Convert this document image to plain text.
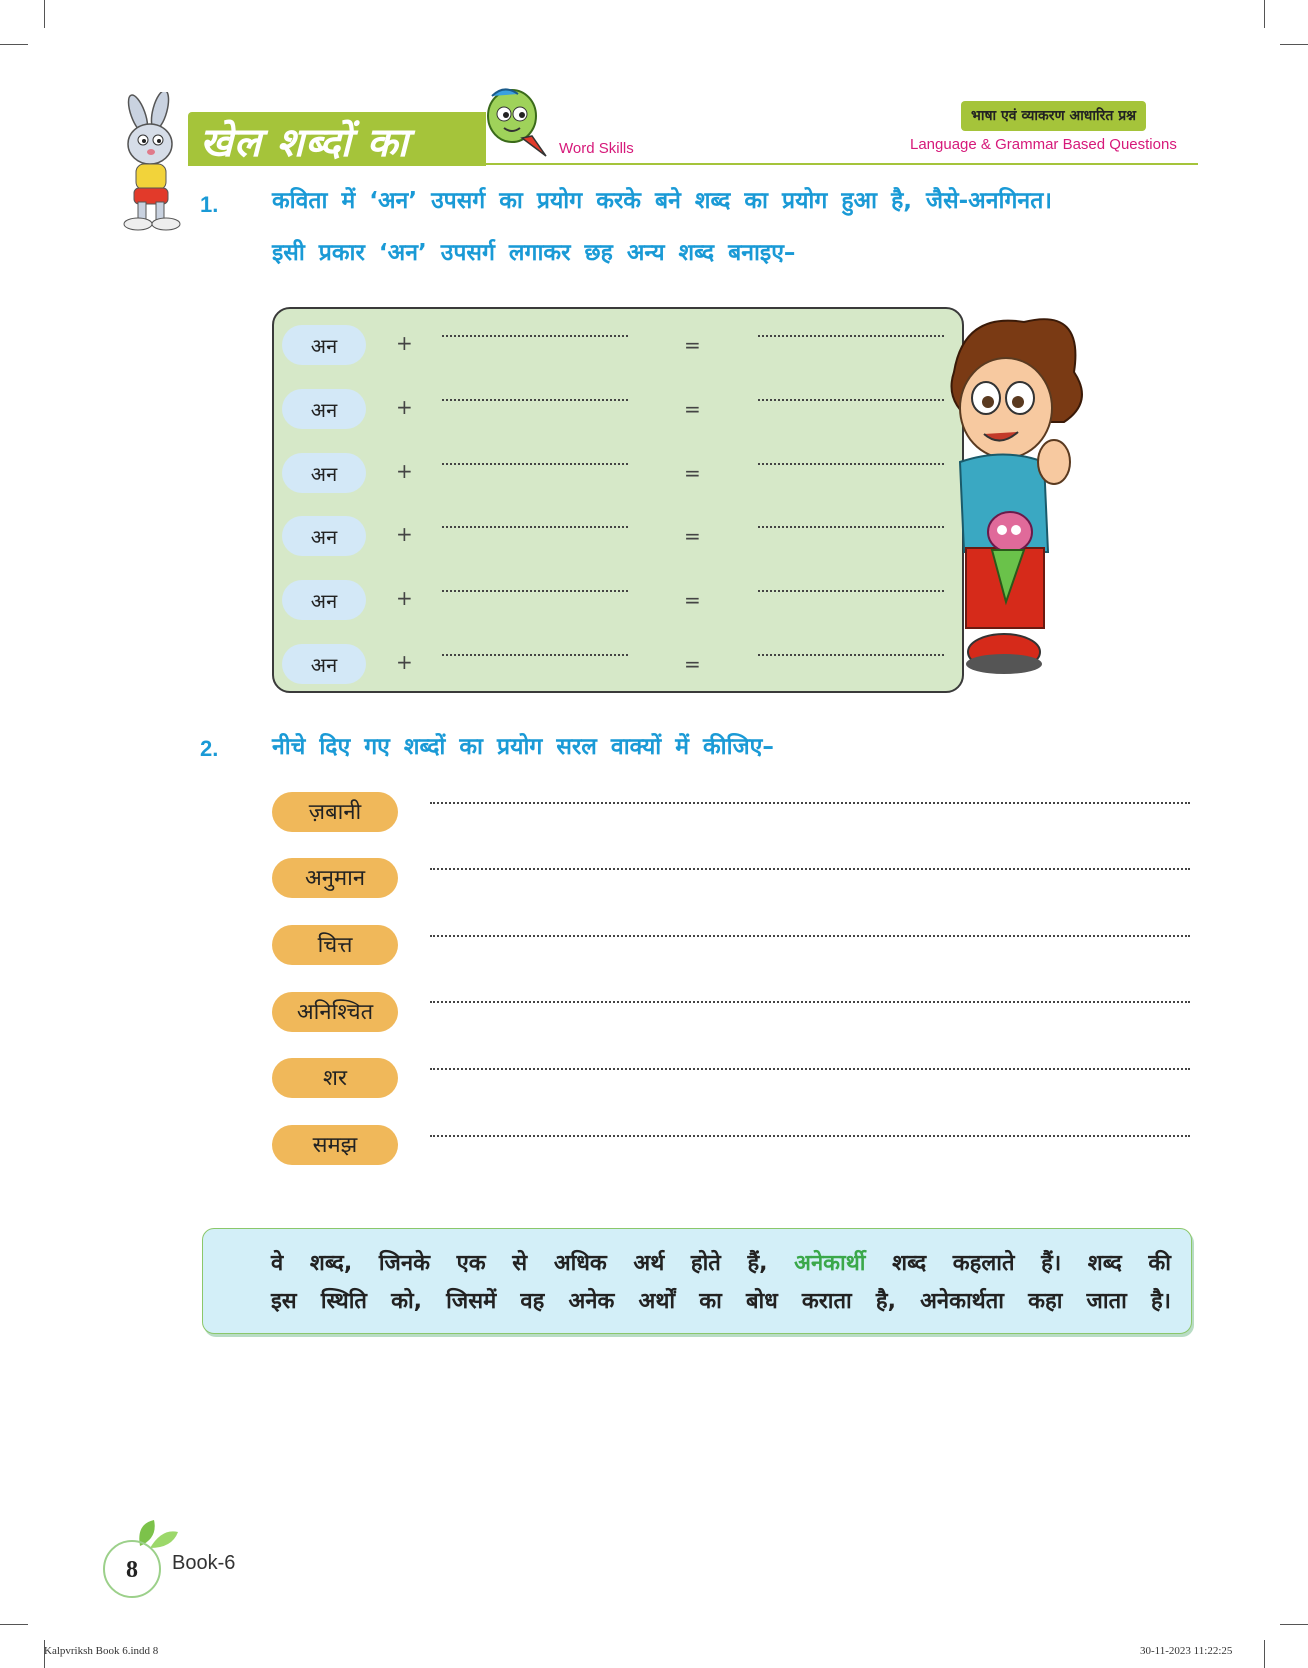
खेल शब्दों का	Word Skills
भाषा एवं व्याकरण आधारित प्रश्न
Language & Grammar Based Questions
1. कविता में ‘अन’ उपसर्ग का प्रयोग करके बने शब्द का प्रयोग हुआ है, जैसे-अनगिनत।
इसी प्रकार ‘अन’ उपसर्ग लगाकर छह अन्य शब्द बनाइए–
अन	+	=
अन	+	=
अन	+	=
अन	+	=
अन	+	=
अन	+	=
2. नीचे दिए गए शब्दों का प्रयोग सरल वाक्यों में कीजिए–
ज़बानी
अनुमान
चित्त
अनिश्चित
शर
समझ
वे शब्द, जिनके एक से अधिक अर्थ होते हैं, अनेकार्थी शब्द कहलाते हैं। शब्द की
इस स्थिति को, जिसमें वह अनेक अर्थों का बोध कराता है, अनेकार्थता कहा जाता है।
8	Book-6
Kalpvriksh Book 6.indd 8	30-11-2023 11:22:25
